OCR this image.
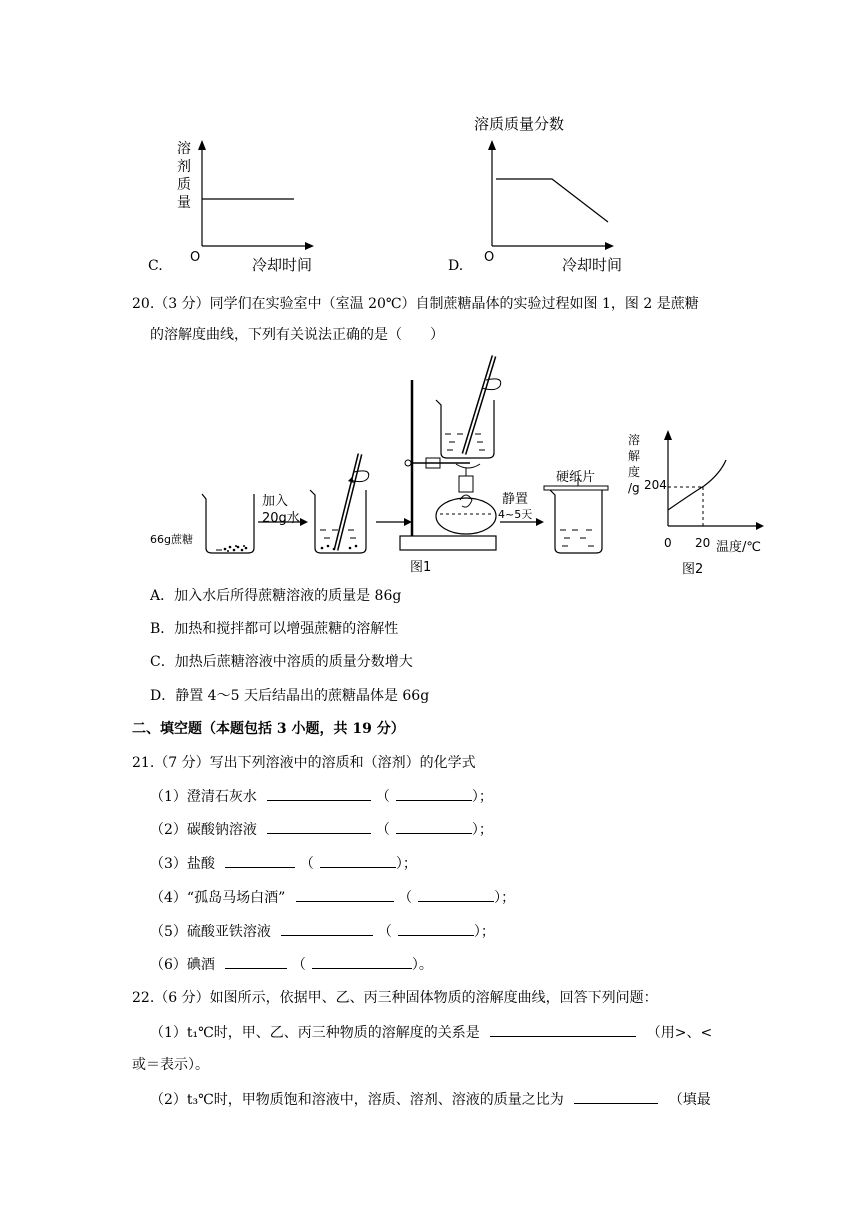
溶
剂
质
量
C.
O	冷却时间
溶质质量分数
D.
O	冷却时间
20.（3 分）同学们在实验室中（室温 20℃）自制蔗糖晶体的实验过程如图 1，图 2 是蔗糖
的溶解度曲线，下列有关说法正确的是（　　）
66g蔗糖
加入
20g水
静置
4~5天
硬纸片
图1
溶
解
度
/g 204
0 20 温度/℃
图2
A．加入水后所得蔗糖溶液的质量是 86g
B．加热和搅拌都可以增强蔗糖的溶解性
C．加热后蔗糖溶液中溶质的质量分数增大
D．静置 4～5 天后结晶出的蔗糖晶体是 66g
二、填空题（本题包括 3 小题，共 19 分）
21.（7 分）写出下列溶液中的溶质和（溶剂）的化学式
（1）澄清石灰水	（	）；
（2）碳酸钠溶液	（	）；
（3）盐酸	（	）；
（4）“孤岛马场白酒”	（	）；
（5）硫酸亚铁溶液	（	）；
（6）碘酒	（	）。
22.（6 分）如图所示，依据甲、乙、丙三种固体物质的溶解度曲线，回答下列问题：
（1）t₁℃时，甲、乙、丙三种物质的溶解度的关系是	（用>、<
或＝表示）。
（2）t₃℃时，甲物质饱和溶液中，溶质、溶剂、溶液的质量之比为	（填最
